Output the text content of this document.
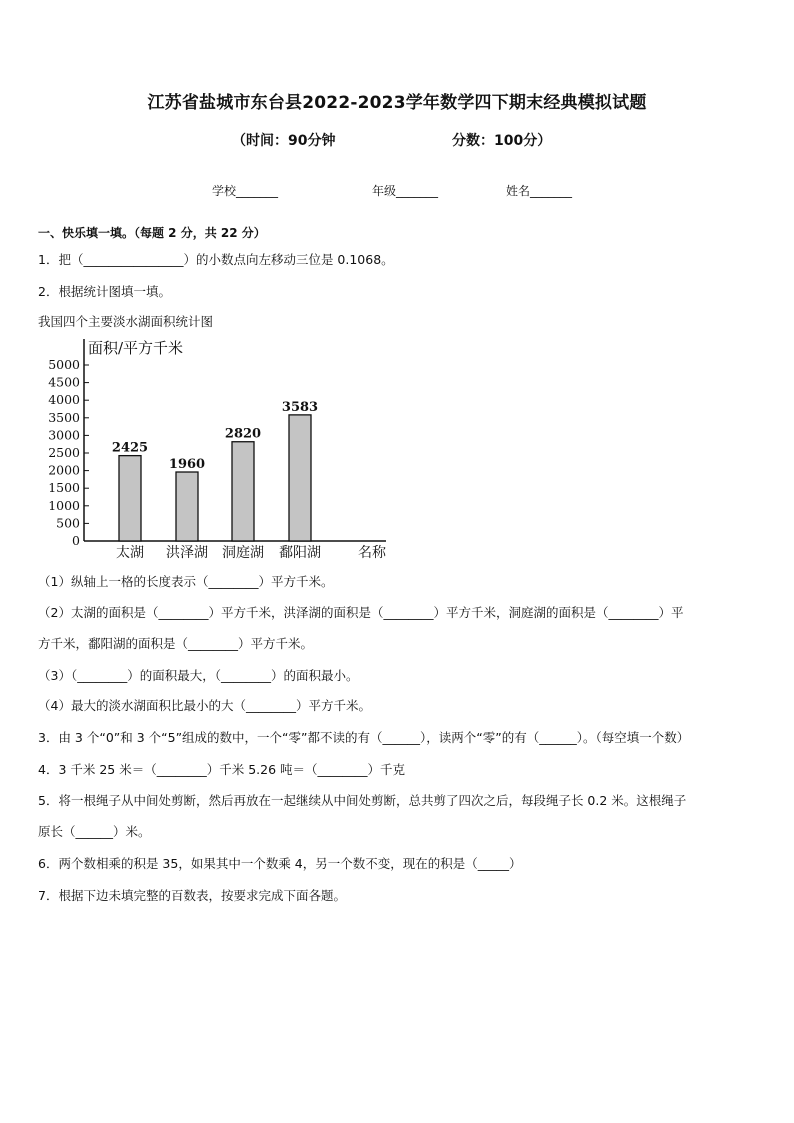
江苏省盐城市东台县2022-2023学年数学四下期末经典模拟试题
（时间：90分钟	分数：100分）
学校_______	年级_______	姓名_______
一、快乐填一填。（每题 2 分，共 22 分）
1．把（________________）的小数点向左移动三位是 0.1068。
2．根据统计图填一填。
我国四个主要淡水湖面积统计图
面积/平方千米
名称
0
500
1000
1500
2000
2500
3000
3500
4000
4500
5000
2425
太湖
1960
洪泽湖
2820
洞庭湖
3583
鄱阳湖
（1）纵轴上一格的长度表示（________）平方千米。
（2）太湖的面积是（________）平方千米，洪泽湖的面积是（________）平方千米，洞庭湖的面积是（________）平
方千米，鄱阳湖的面积是（________）平方千米。
（3）（________）的面积最大，（________）的面积最小。
（4）最大的淡水湖面积比最小的大（________）平方千米。
3．由 3 个“0”和 3 个“5”组成的数中，一个“零”都不读的有（______），读两个“零”的有（______）。（每空填一个数）
4．3 千米 25 米＝（________）千米 5.26 吨＝（________）千克
5．将一根绳子从中间处剪断，然后再放在一起继续从中间处剪断，总共剪了四次之后，每段绳子长 0.2 米。这根绳子
原长（______）米。
6．两个数相乘的积是 35，如果其中一个数乘 4，另一个数不变，现在的积是（_____）
7．根据下边未填完整的百数表，按要求完成下面各题。
